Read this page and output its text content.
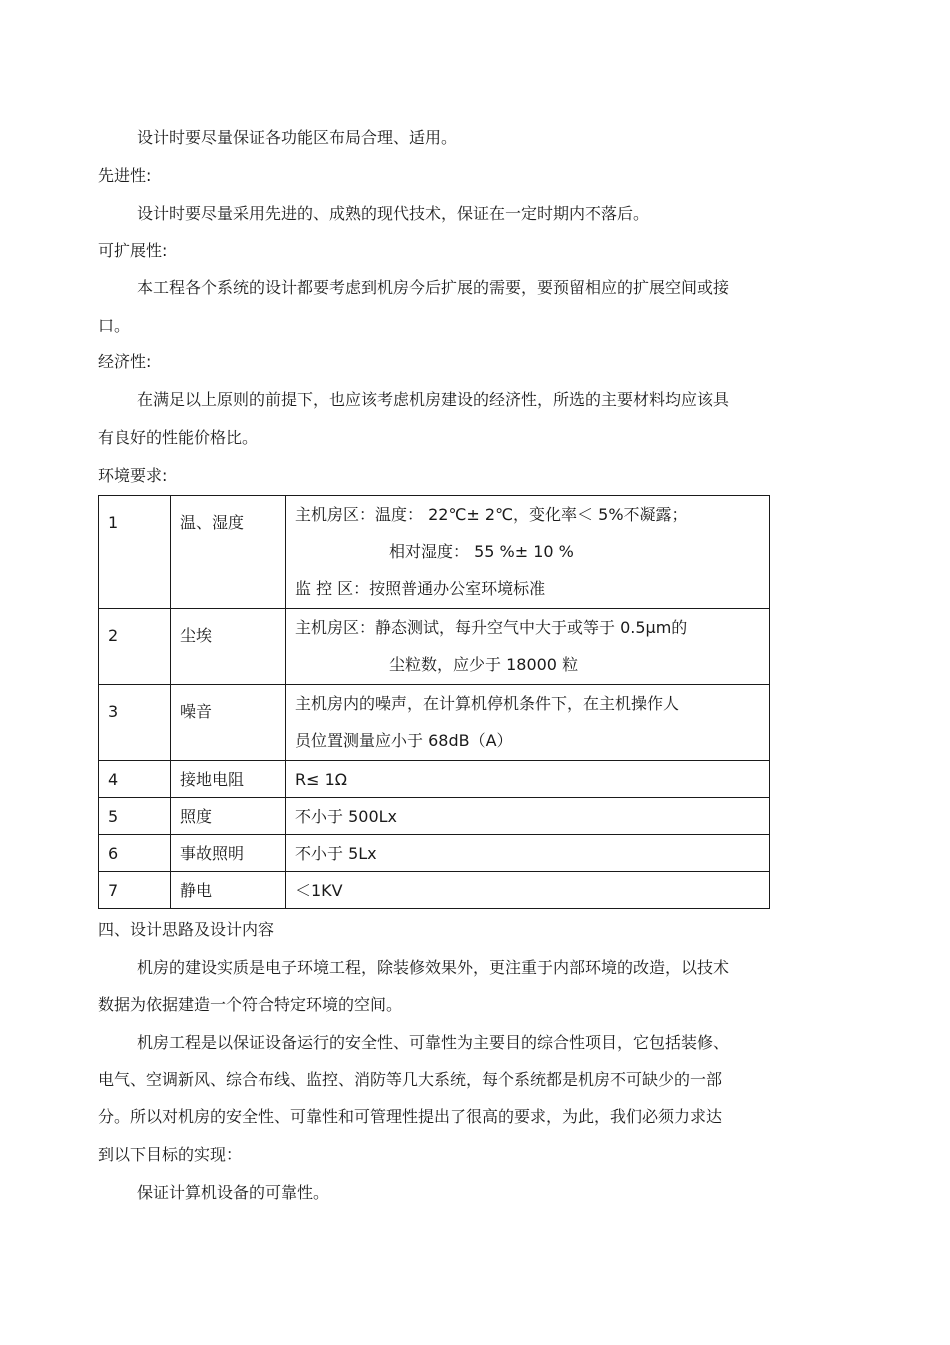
设计时要尽量保证各功能区布局合理、适用。
先进性:
设计时要尽量采用先进的、成熟的现代技术，保证在一定时期内不落后。
可扩展性:
本工程各个系统的设计都要考虑到机房今后扩展的需要，要预留相应的扩展空间或接
口。
经济性:
在满足以上原则的前提下，也应该考虑机房建设的经济性，所选的主要材料均应该具
有良好的性能价格比。
环境要求:
1	温、湿度	主机房区：温度： 22℃± 2℃，变化率＜ 5%不凝露；
相对湿度： 55 %± 10 %
监 控 区：按照普通办公室环境标准

2	尘埃	主机房区：静态测试，每升空气中大于或等于 0.5μm的
尘粒数，应少于 18000 粒

3	噪音	主机房内的噪声，在计算机停机条件下，在主机操作人
员位置测量应小于 68dB（A）

4	接地电阻	R≤ 1Ω
5	照度	不小于 500Lx
6	事故照明	不小于 5Lx
7	静电	＜1KV
四、设计思路及设计内容
机房的建设实质是电子环境工程，除装修效果外，更注重于内部环境的改造，以技术
数据为依据建造一个符合特定环境的空间。
机房工程是以保证设备运行的安全性、可靠性为主要目的综合性项目，它包括装修、
电气、空调新风、综合布线、监控、消防等几大系统，每个系统都是机房不可缺少的一部
分。所以对机房的安全性、可靠性和可管理性提出了很高的要求，为此，我们必须力求达
到以下目标的实现：
保证计算机设备的可靠性。
